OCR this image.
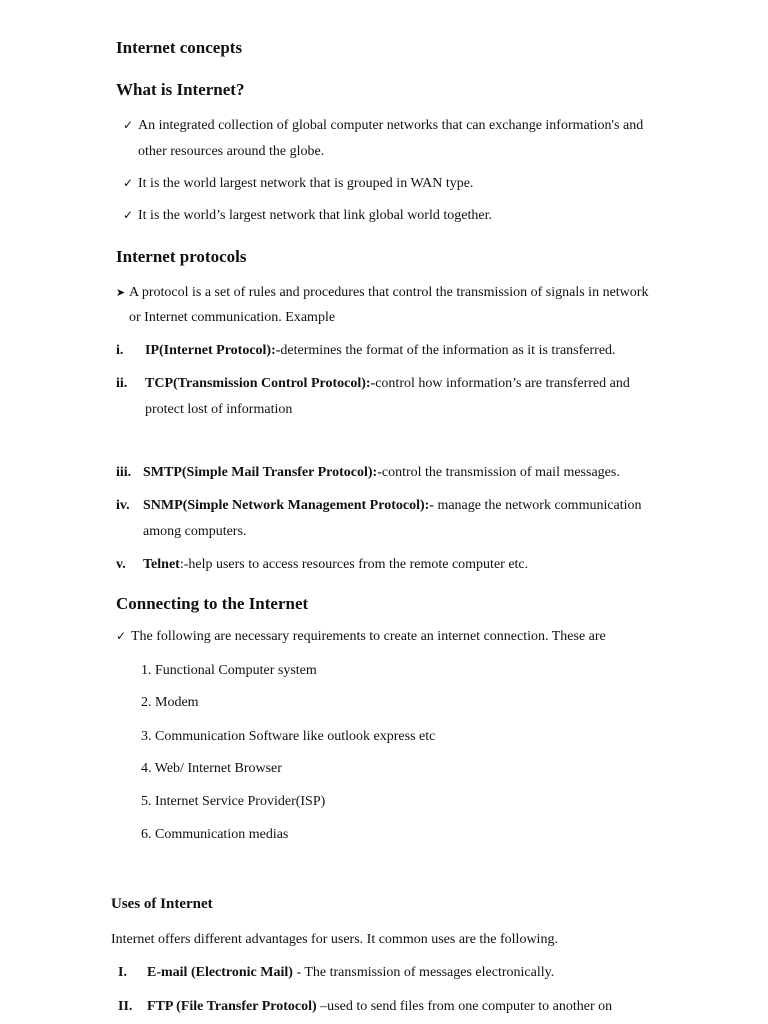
Internet concepts
What is Internet?
✓ An integrated collection of global computer networks that can exchange information's and
other resources around the globe.
✓ It is the world largest network that is grouped in WAN type.
✓ It is the world’s largest network that link global world together.
Internet protocols
➤ A protocol is a set of rules and procedures that control the transmission of signals in network
or Internet communication. Example
i. IP(Internet Protocol):-determines the format of the information as it is transferred.
ii. TCP(Transmission Control Protocol):-control how information’s are transferred and
protect lost of information
iii. SMTP(Simple Mail Transfer Protocol):-control the transmission of mail messages.
iv. SNMP(Simple Network Management Protocol):- manage the network communication
among computers.
v. Telnet:-help users to access resources from the remote computer etc.
Connecting to the Internet
✓ The following are necessary requirements to create an internet connection. These are
1. Functional Computer system
2. Modem
3. Communication Software like outlook express etc
4. Web/ Internet Browser
5. Internet Service Provider(ISP)
6. Communication medias
Uses of Internet
Internet offers different advantages for users. It common uses are the following.
I. E-mail (Electronic Mail) - The transmission of messages electronically.
II. FTP (File Transfer Protocol) –used to send files from one computer to another on
